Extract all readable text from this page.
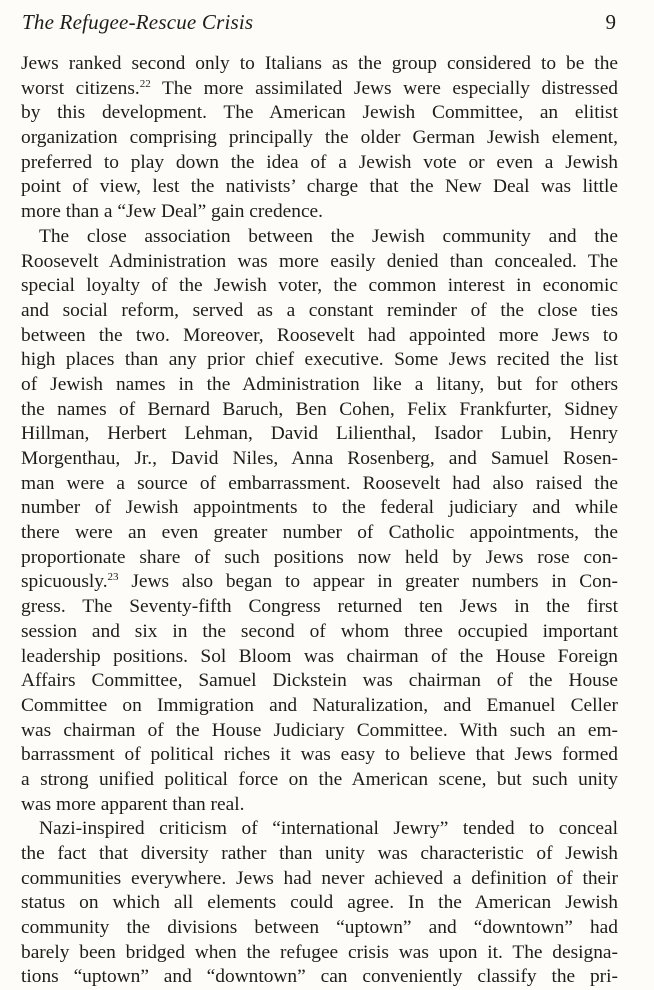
The Refugee-Rescue Crisis	9
Jews ranked second only to Italians as the group considered to be the
worst citizens.$^{22}$ The more assimilated Jews were especially distressed
by this development. The American Jewish Committee, an elitist
organization comprising principally the older German Jewish element,
preferred to play down the idea of a Jewish vote or even a Jewish
point of view, lest the nativists’ charge that the New Deal was little
more than a “Jew Deal” gain credence.
The close association between the Jewish community and the
Roosevelt Administration was more easily denied than concealed. The
special loyalty of the Jewish voter, the common interest in economic
and social reform, served as a constant reminder of the close ties
between the two. Moreover, Roosevelt had appointed more Jews to
high places than any prior chief executive. Some Jews recited the list
of Jewish names in the Administration like a litany, but for others
the names of Bernard Baruch, Ben Cohen, Felix Frankfurter, Sidney
Hillman, Herbert Lehman, David Lilienthal, Isador Lubin, Henry
Morgenthau, Jr., David Niles, Anna Rosenberg, and Samuel Rosen-
man were a source of embarrassment. Roosevelt had also raised the
number of Jewish appointments to the federal judiciary and while
there were an even greater number of Catholic appointments, the
proportionate share of such positions now held by Jews rose con-
spicuously.$^{23}$ Jews also began to appear in greater numbers in Con-
gress. The Seventy-fifth Congress returned ten Jews in the first
session and six in the second of whom three occupied important
leadership positions. Sol Bloom was chairman of the House Foreign
Affairs Committee, Samuel Dickstein was chairman of the House
Committee on Immigration and Naturalization, and Emanuel Celler
was chairman of the House Judiciary Committee. With such an em-
barrassment of political riches it was easy to believe that Jews formed
a strong unified political force on the American scene, but such unity
was more apparent than real.
Nazi-inspired criticism of “international Jewry” tended to conceal
the fact that diversity rather than unity was characteristic of Jewish
communities everywhere. Jews had never achieved a definition of their
status on which all elements could agree. In the American Jewish
community the divisions between “uptown” and “downtown” had
barely been bridged when the refugee crisis was upon it. The designa-
tions “uptown” and “downtown” can conveniently classify the pri-
